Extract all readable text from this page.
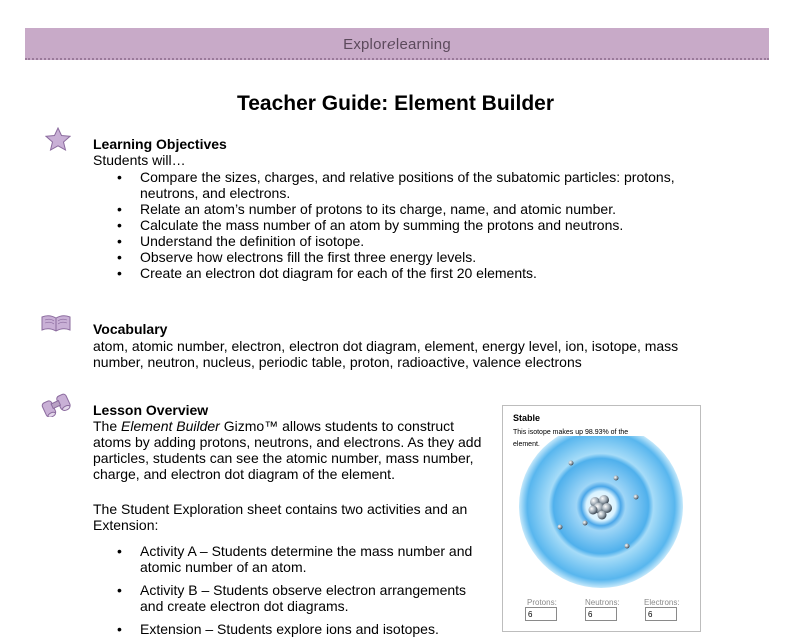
Explorelearning
Teacher Guide: Element Builder
Learning Objectives
Students will…
• Compare the sizes, charges, and relative positions of the subatomic particles: protons, neutrons, and electrons.
• Relate an atom’s number of protons to its charge, name, and atomic number.
• Calculate the mass number of an atom by summing the protons and neutrons.
• Understand the definition of isotope.
• Observe how electrons fill the first three energy levels.
• Create an electron dot diagram for each of the first 20 elements.
Vocabulary
atom, atomic number, electron, electron dot diagram, element, energy level, ion, isotope, mass number, neutron, nucleus, periodic table, proton, radioactive, valence electrons
Lesson Overview
The Element Builder Gizmo™ allows students to construct atoms by adding protons, neutrons, and electrons. As they add particles, students can see the atomic number, mass number, charge, and electron dot diagram of the element.
The Student Exploration sheet contains two activities and an Extension:
• Activity A – Students determine the mass number and atomic number of an atom.
• Activity B – Students observe electron arrangements and create electron dot diagrams.
• Extension – Students explore ions and isotopes.
Stable
This isotope makes up 98.93% of the element.
Protons:	Neutrons:	Electrons:
6	6	6
